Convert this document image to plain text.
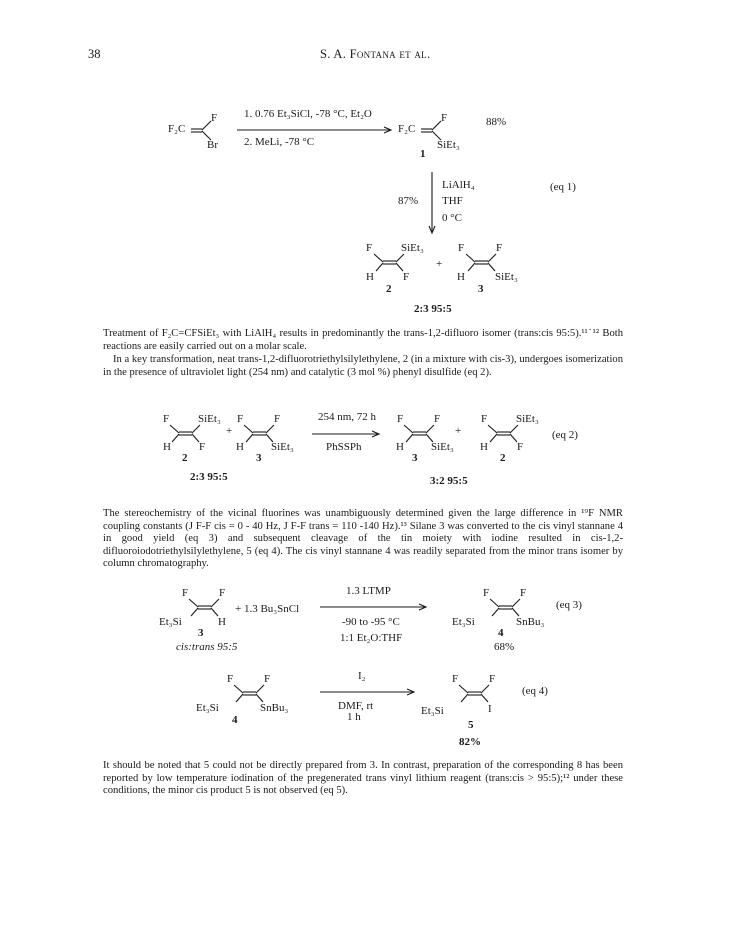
38	S. A. Fontana et al.
F₂C
F
Br
1. 0.76 Et₃SiCl, -78 °C, Et₂O
2. MeLi, -78 °C
F₂C
F
SiEt₃
1
88%
LiAlH₄
THF
0 °C
87%
(eq 1)
F	SiEt₃
H	F
2
+
F	F
H	SiEt₃
3
2:3 95:5

Treatment of F₂C=CFSiEt₃ with LiAlH₄ results in predominantly the trans-1,2-difluoro isomer (trans:cis 95:5).¹¹˙¹² Both reactions are easily carried out on a molar scale.

In a key transformation, neat trans-1,2-difluorotriethylsilylethylene, 2 (in a mixture with cis-3), undergoes isomerization in the presence of ultraviolet light (254 nm) and catalytic (3 mol %) phenyl disulfide (eq 2).

F	SiEt₃
H	F
2
+
F	F
H SiEt₃
3
2:3 95:5
254 nm, 72 h
PhSSPh
F	F
H SiEt₃
3
+
F	SiEt₃
H	F
2
(eq 2)
3:2 95:5

The stereochemistry of the vicinal fluorines was unambiguously determined given the large difference in ¹⁹F NMR coupling constants (J F-F cis = 0 - 40 Hz, J F-F trans = 110 -140 Hz).¹³ Silane 3 was converted to the cis vinyl stannane 4 in good yield (eq 3) and subsequent cleavage of the tin moiety with iodine resulted in cis-1,2-difluoroiodotriethylsilylethylene, 5 (eq 4). The cis vinyl stannane 4 was readily separated from the minor trans isomer by column chromatography.

F	F
Et₃Si	H
3
+ 1.3 Bu₃SnCl
cis:trans 95:5
1.3 LTMP
-90 to -95 °C
1:1 Et₂O:THF
F	F
Et₃Si	SnBu₃
4
68%
(eq 3)
F	F
Et₃Si	SnBu₃
4
I₂
DMF, rt
1 h
F	F
Et₃Si	I
5
82%
(eq 4)

It should be noted that 5 could not be directly prepared from 3. In contrast, preparation of the corresponding 8 has been reported by low temperature iodination of the pregenerated trans vinyl lithium reagent (trans:cis > 95:5);¹² under these conditions, the minor cis product 5 is not observed (eq 5).
